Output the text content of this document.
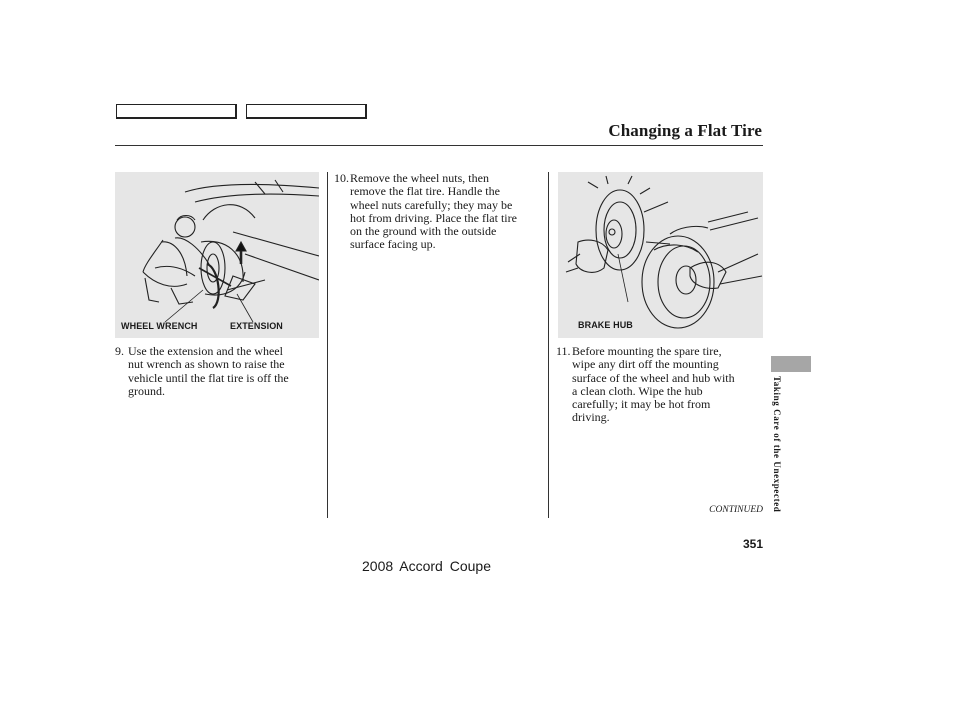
Changing a Flat Tire
WHEEL WRENCH	EXTENSION	BRAKE HUB
9. Use the extension and the wheel
nut wrench as shown to raise the
vehicle until the flat tire is off the
ground.
10. Remove the wheel nuts, then
remove the flat tire. Handle the
wheel nuts carefully; they may be
hot from driving. Place the flat tire
on the ground with the outside
surface facing up.
11. Before mounting the spare tire,
wipe any dirt off the mounting
surface of the wheel and hub with
a clean cloth. Wipe the hub
carefully; it may be hot from
driving.	Taking Care of the Unexpected
CONTINUED
351
2008 Accord Coupe
